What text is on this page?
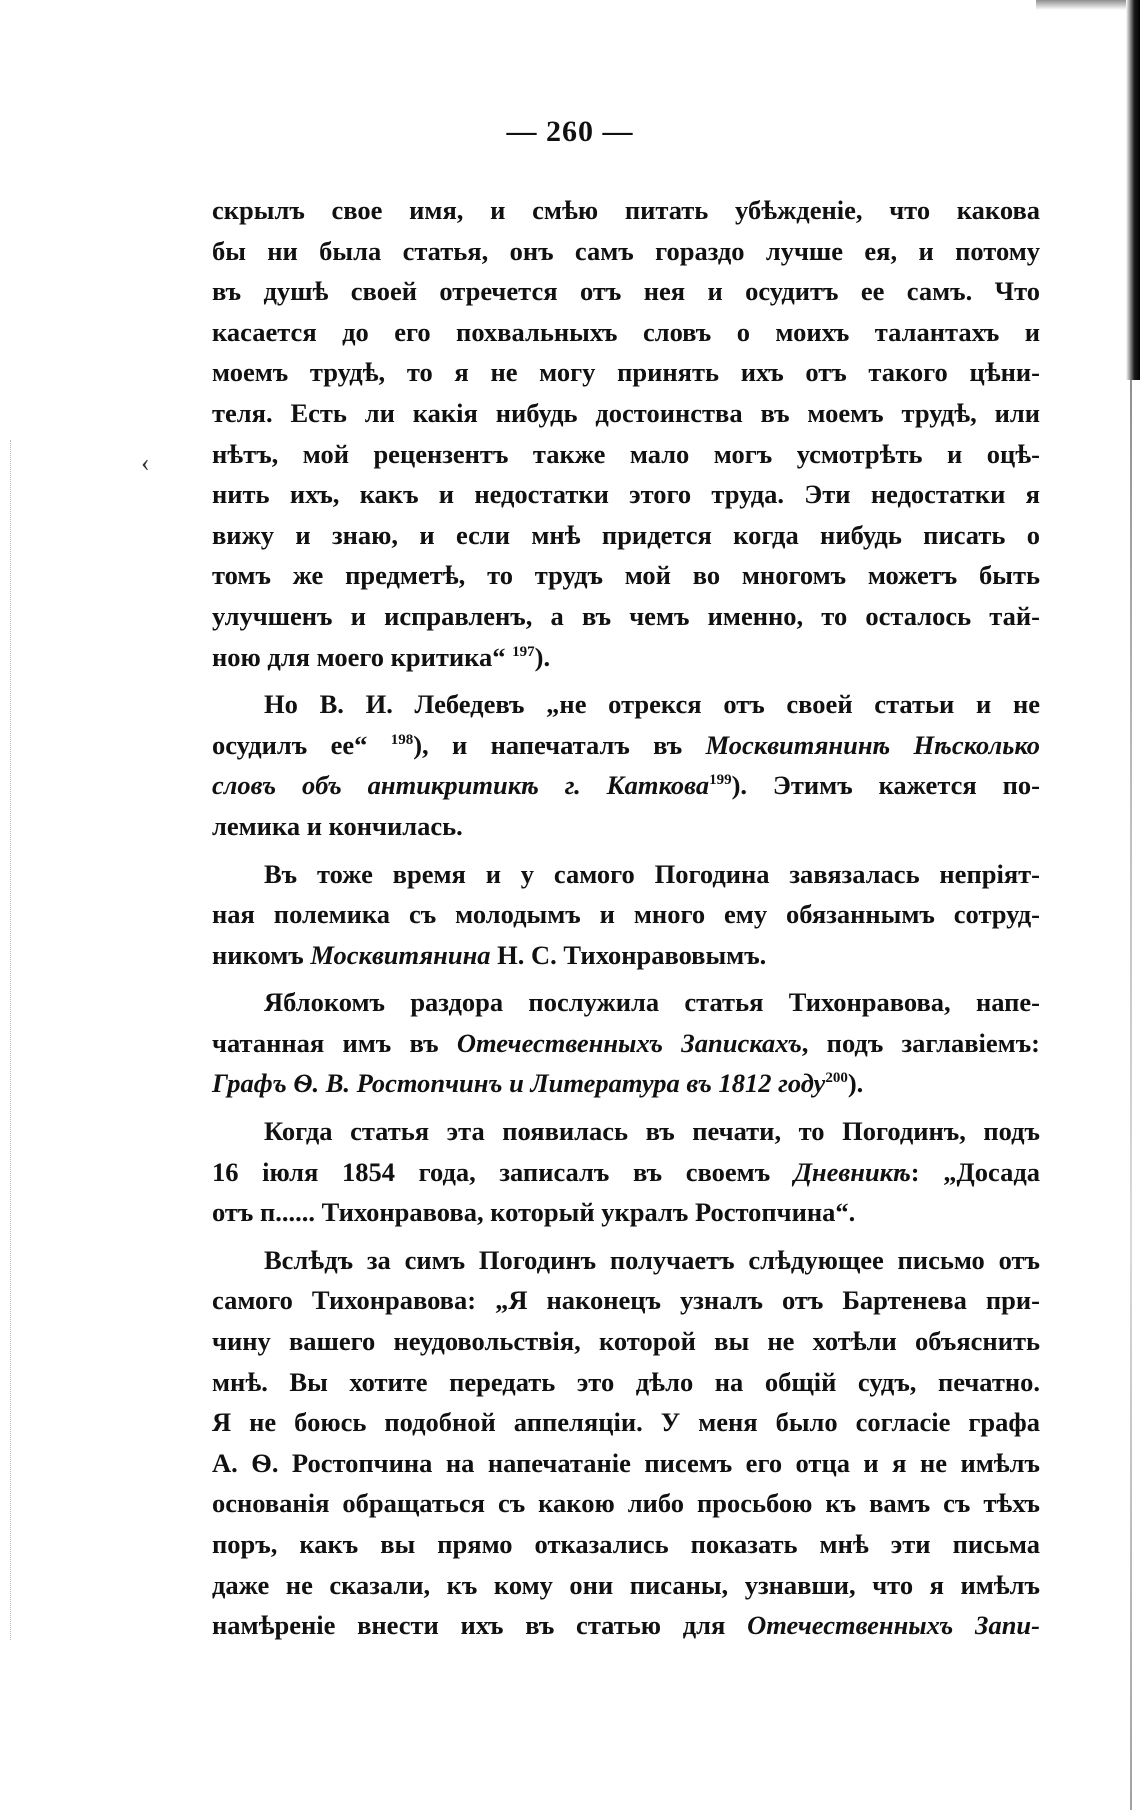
‹
— 260 —
скрылъ свое имя, и смѣю питать убѣжденіе, что какова
бы ни была статья, онъ самъ гораздо лучше ея, и потому
въ душѣ своей отречется отъ нея и осудитъ ее самъ. Что
касается до его похвальныхъ словъ о моихъ талантахъ и
моемъ трудѣ, то я не могу принять ихъ отъ такого цѣни-
теля. Есть ли какія нибудь достоинства въ моемъ трудѣ, или
нѣтъ, мой рецензентъ также мало могъ усмотрѣть и оцѣ-
нить ихъ, какъ и недостатки этого труда. Эти недостатки я
вижу и знаю, и если мнѣ придется когда нибудь писать о
томъ же предметѣ, то трудъ мой во многомъ можетъ быть
улучшенъ и исправленъ, а въ чемъ именно, то осталось тай-
ною для моего критика“ $^{197}$).
Но В. И. Лебедевъ „не отрекся отъ своей статьи и не
осудилъ ее“ $^{198}$), и напечаталъ въ Москвитянинѣ Нѣсколько
словъ объ антикритикѣ г. Каткова$^{199}$). Этимъ кажется по-
лемика и кончилась.
Въ тоже время и у самого Погодина завязалась непріят-
ная полемика съ молодымъ и много ему обязаннымъ сотруд-
никомъ Москвитянина Н. С. Тихонравовымъ.
Яблокомъ раздора послужила статья Тихонравова, напе-
чатанная имъ въ Отечественныхъ Запискахъ, подъ заглавіемъ:
Графъ Ѳ. В. Ростопчинъ и Литература въ 1812 году$^{200}$).
Когда статья эта появилась въ печати, то Погодинъ, подъ
16 іюля 1854 года, записалъ въ своемъ Дневникѣ: „Досада
отъ п...... Тихонравова, который укралъ Ростопчина“.
Вслѣдъ за симъ Погодинъ получаетъ слѣдующее письмо отъ
самого Тихонравова: „Я наконецъ узналъ отъ Бартенева при-
чину вашего неудовольствія, которой вы не хотѣли объяснить
мнѣ. Вы хотите передать это дѣло на общій судъ, печатно.
Я не боюсь подобной аппеляціи. У меня было согласіе графа
А. Ѳ. Ростопчина на напечатаніе писемъ его отца и я не имѣлъ
основанія обращаться съ какою либо просьбою къ вамъ съ тѣхъ
поръ, какъ вы прямо отказались показать мнѣ эти письма
даже не сказали, къ кому они писаны, узнавши, что я имѣлъ
намѣреніе внести ихъ въ статью для Отечественныхъ Запи-
